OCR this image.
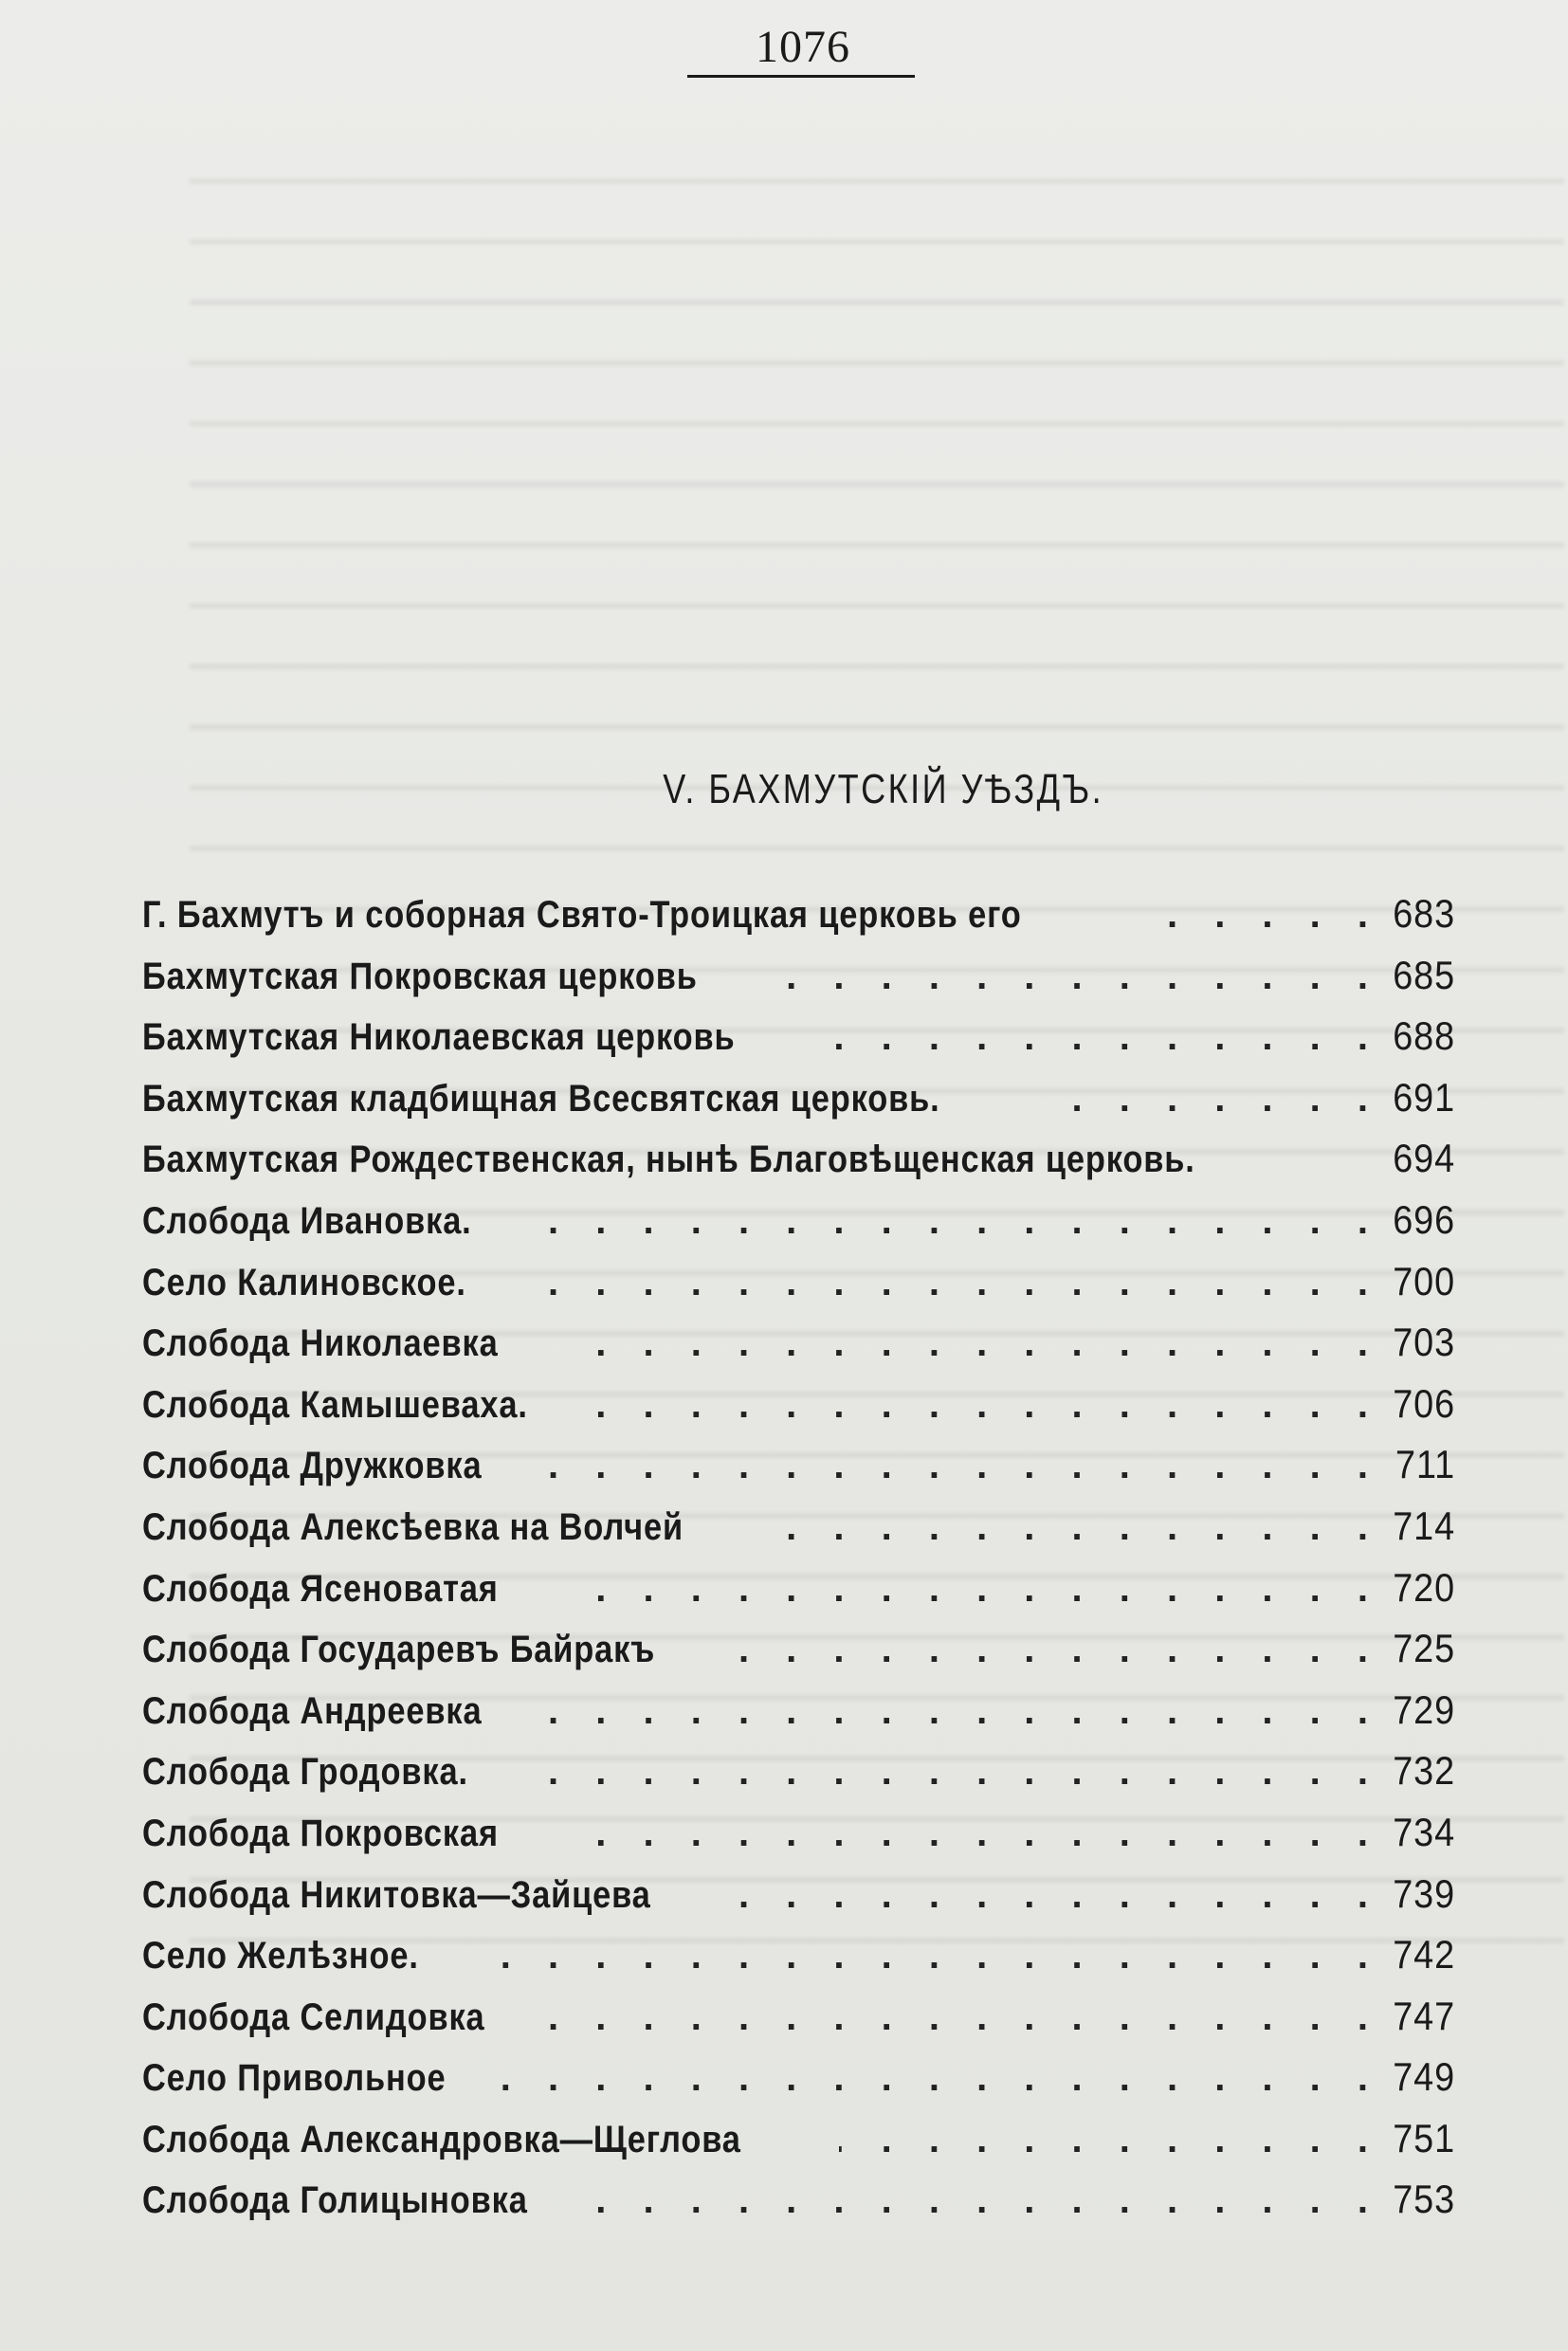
1076
V. БАХМУТСКІЙ УѢЗДЪ.
Г. Бахмутъ и соборная Свято-Троицкая церковь его . . .	683
Бахмутская Покровская церковь . . .	685
Бахмутская Николаевская церковь . . .	688
Бахмутская кладбищная Всесвятская церковь. . . .	691
Бахмутская Рождественская, нынѣ Благовѣщенская церковь. . . .	694
Слобода Ивановка. . . .	696
Село Калиновское. . . .	700
Слобода Николаевка . . .	703
Слобода Камышеваха. . . .	706
Слобода Дружковка . . .	711
Слобода Алексѣевка на Волчей . . .	714
Слобода Ясеноватая . . .	720
Слобода Государевъ Байракъ . . .	725
Слобода Андреевка . . .	729
Слобода Гродовка. . . .	732
Слобода Покровская . . .	734
Слобода Никитовка—Зайцева . . .	739
Село Желѣзное. . . .	742
Слобода Селидовка . . .	747
Село Привольное . . .	749
Слобода Александровка—Щеглова . . .	751
Слобода Голицыновка . . .	753
